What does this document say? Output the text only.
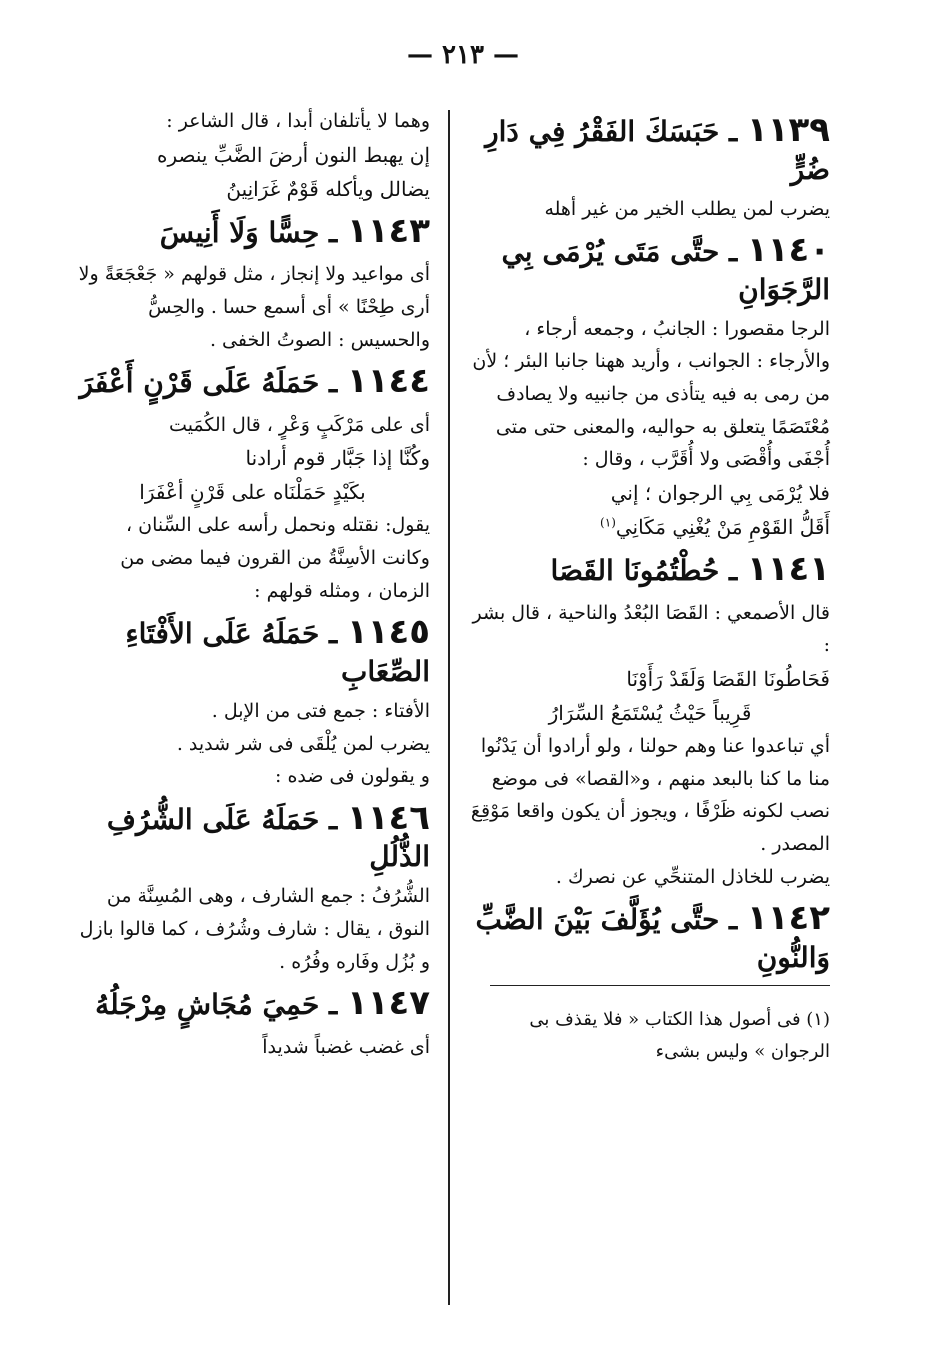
— ٢١٣ —
١١٣٩ ـ حَبَسَكَ الفَقْرُ فِي دَارِ ضُرٍّ

يضرب لمن يطلب الخير من غير أهله

١١٤٠ ـ حتَّى مَتَى يُرْمَى بِي الرَّجَوَانِ

الرجا مقصورا : الجانبُ ، وجمعه أرجاء ، والأرجاء : الجوانب ، وأريد ههنا جانبا البئر ؛ لأن من رمى به فيه يتأذى من جانبيه ولا يصادف مُعْتَصَمًا يتعلق به حواليه، والمعنى حتى متى أُجْفَى وأُقْصَى ولا أُقَرَّب ، وقال :

فلا يُرْمَى بِي الرجوان ؛ إني

أَقَلُّ القَوْمِ مَنْ يُغْنِي مَكَانِي$^{(١)}$

١١٤١ ـ حُطْتُمُونَا القَصَا

قال الأصمعي : القَصَا البُعْدُ والناحية ، قال بشر :

فَحَاطُونَا القَصَا وَلَقَدْ رَأَوْنَا

قَرِيباً حَيْثُ يُسْتَمَعُ السِّرَارُ

أي تباعدوا عنا وهم حولنا ، ولو أرادوا أن يَدْنُوا منا ما كنا بالبعد منهم ، و«القصا» فى موضع نصب لكونه ظَرْفًا ، ويجوز أن يكون واقعا مَوْقِعَ المصدر .

يضرب للخاذل المتنحِّي عن نصرك .

١١٤٢ ـ حتَّى يُؤَلَّفَ بَيْنَ الضَّبِّ وَالنُّونِ

(١) فى أصول هذا الكتاب « فلا يقذف بى الرجوان » وليس بشىء

وهما لا يأتلفان أبدا ، قال الشاعر :

إن يهبط النون أرضَ الضَّبِّ ينصره

يضالل ويأكله قَوْمٌ غَرَانِينُ

١١٤٣ ـ حِسًّا وَلَا أَنِيسَ

أى مواعيد ولا إنجاز ، مثل قولهم « جَعْجَعَةً ولا أرى طِحْنًا » أى أسمع حسا . والحِسُّ والحسيس : الصوتُ الخفى .

١١٤٤ ـ حَمَلَهُ عَلَى قَرْنٍ أَعْفَرَ

أى على مَرْكَبٍ وَعْرٍ ، قال الكُمَيت

وكُنَّا إذا جَبَّار قوم أرادنا

بكَيْدٍ حَمَلْنَاه على قَرْنٍ أعْفَرَا

يقول: نقتله ونحمل رأسه على السِّنان ، وكانت الأسِنَّةُ من القرون فيما مضى من الزمان ، ومثله قولهم :

١١٤٥ ـ حَمَلَهُ عَلَى الأَفْتَاءِ الصِّعَابِ

الأفتاء : جمع فتى من الإبل .

يضرب لمن يُلْقَى فى شر شديد .

و يقولون فى ضده :

١١٤٦ ـ حَمَلَهُ عَلَى الشُّرُفِ الذُّلُلِ

الشُّرُفُ : جمع الشارف ، وهى المُسِنَّة من النوق ، يقال : شارف وشُرُف ، كما قالوا بازل و بُزُل وفَاره وفُرُه .

١١٤٧ ـ حَمِيَ مُجَاشٍ مِرْجَلُهُ

أى غضب غضباً شديداً
